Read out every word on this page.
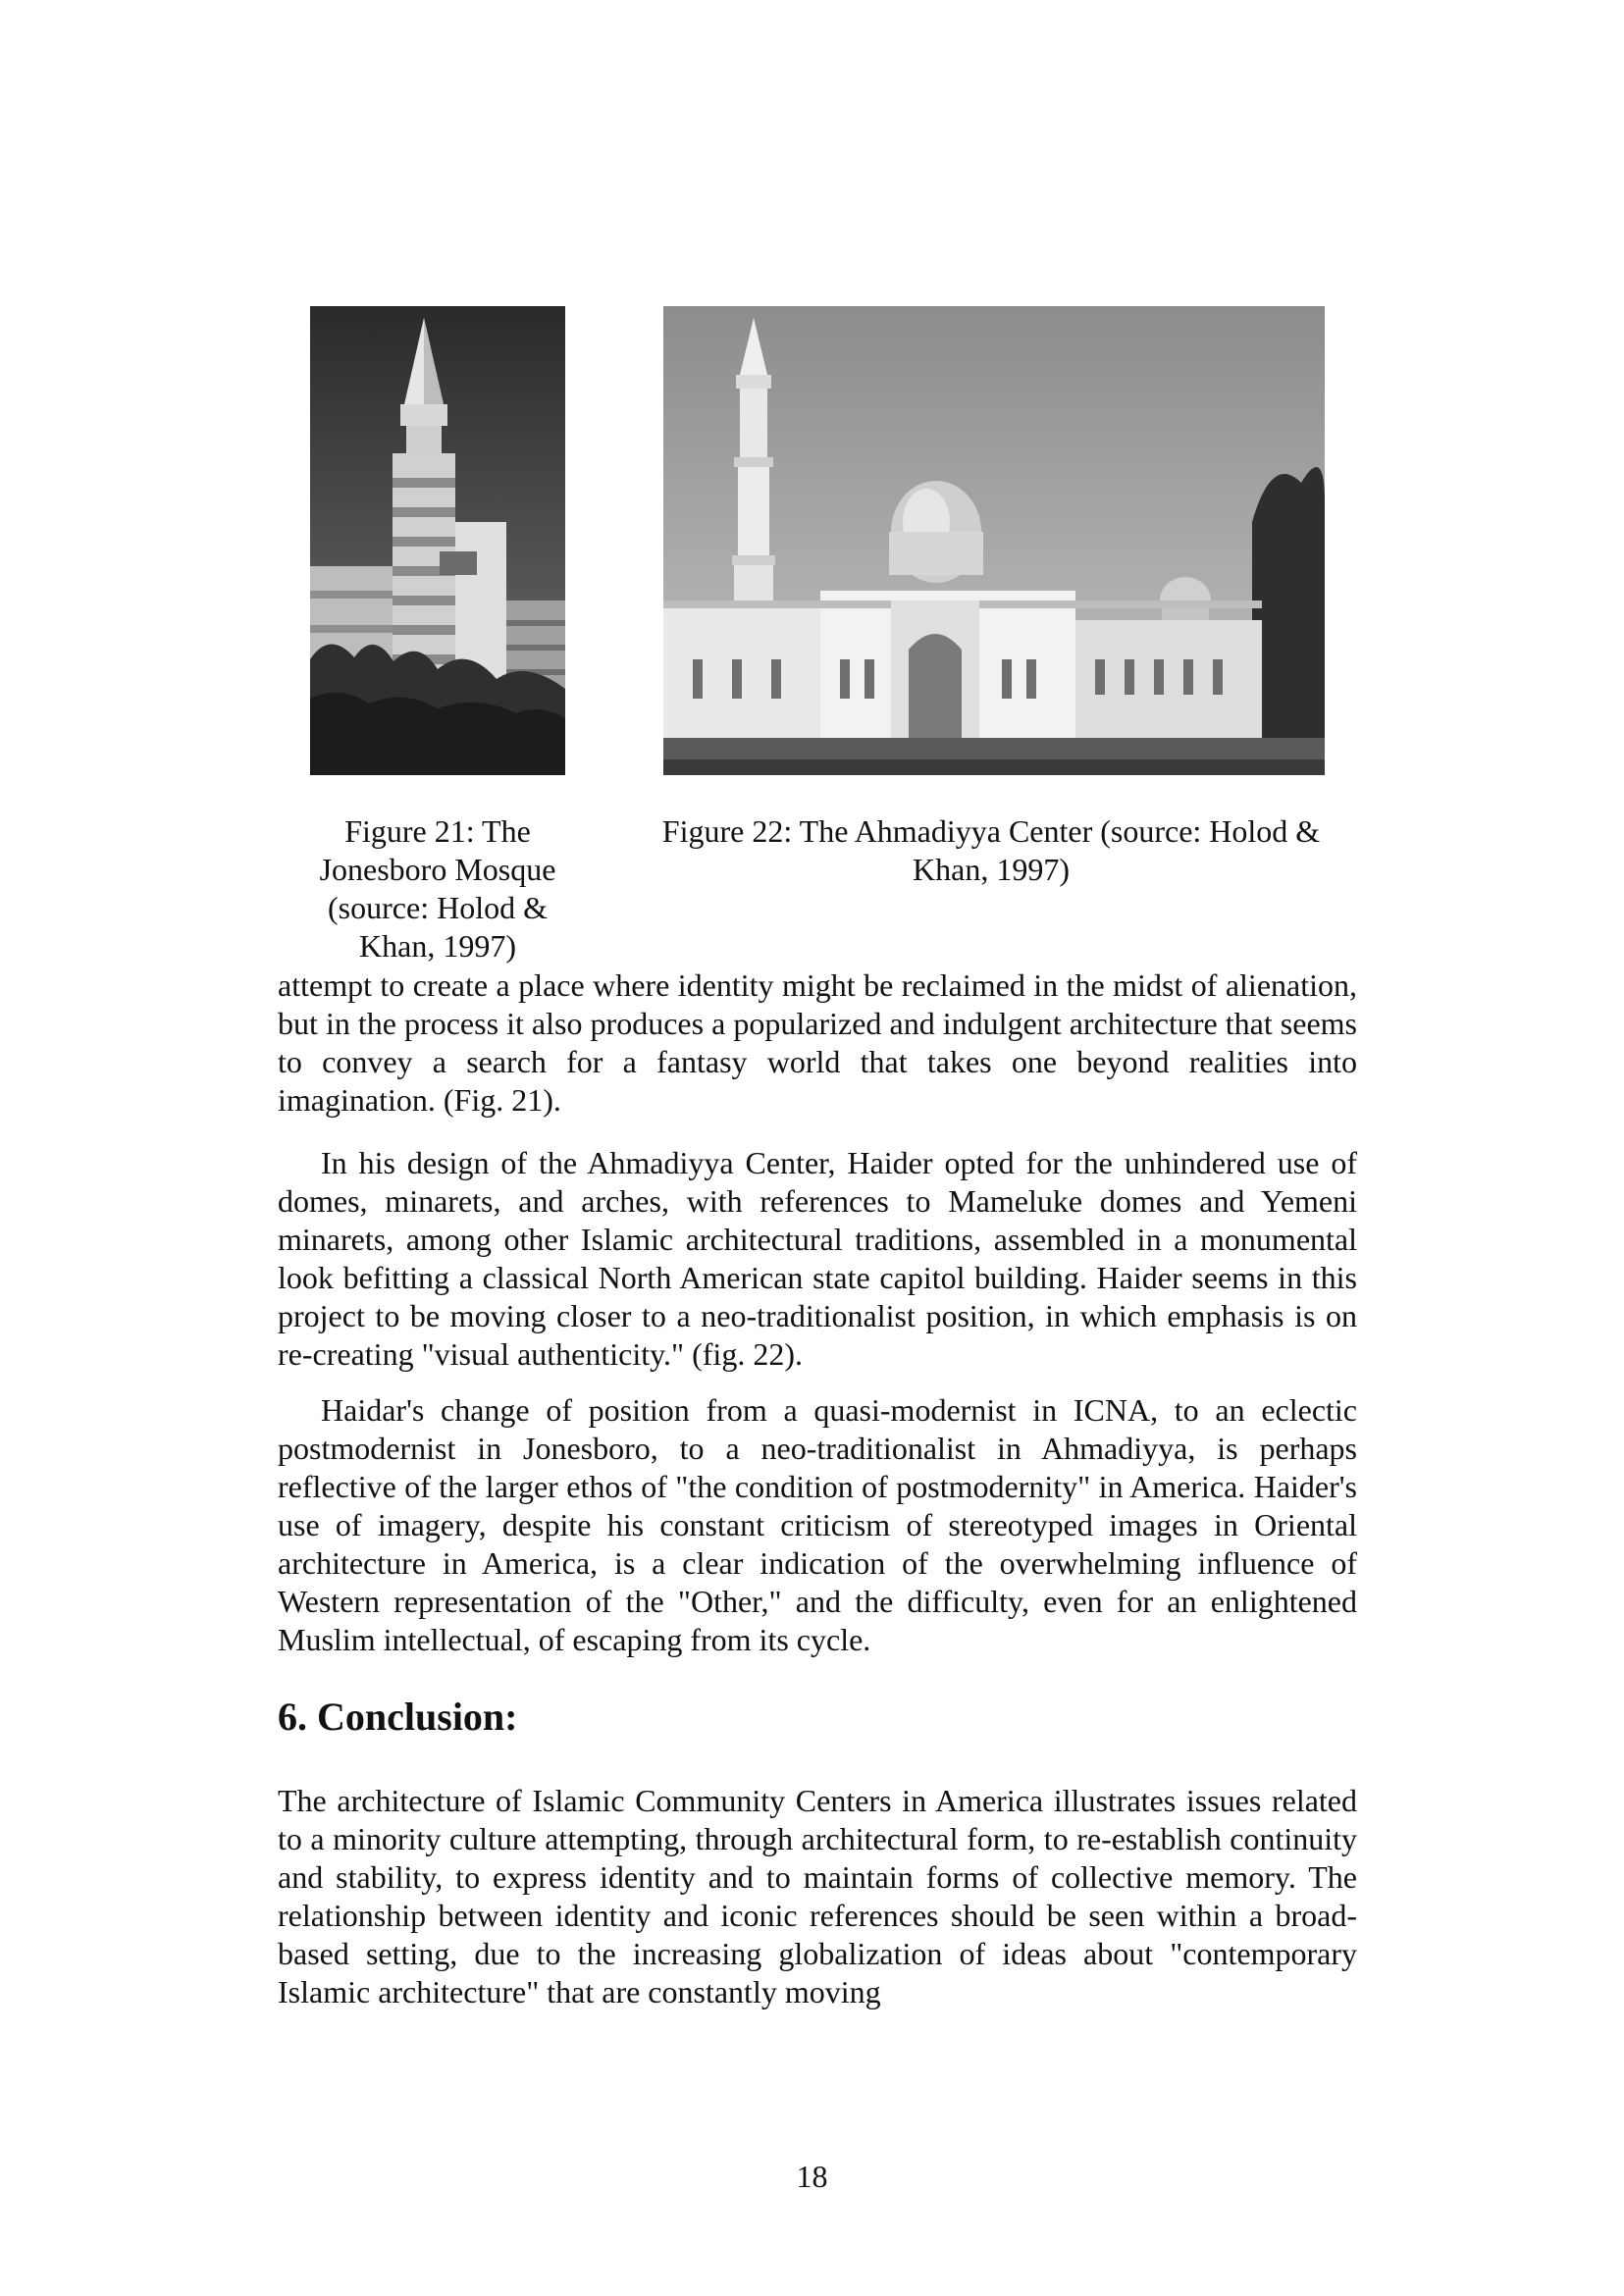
Figure 21: The Jonesboro Mosque (source: Holod & Khan, 1997)

Figure 22: The Ahmadiyya Center (source: Holod & Khan, 1997)

attempt to create a place where identity might be reclaimed in the midst of alienation, but in the process it also produces a popularized and indulgent architecture that seems to convey a search for a fantasy world that takes one beyond realities into imagination. (Fig. 21).

In his design of the Ahmadiyya Center, Haider opted for the unhindered use of domes, minarets, and arches, with references to Mameluke domes and Yemeni minarets, among other Islamic architectural traditions, assembled in a monumental look befitting a classical North American state capitol building. Haider seems in this project to be moving closer to a neo-traditionalist position, in which emphasis is on re-creating "visual authenticity." (fig. 22).

Haidar's change of position from a quasi-modernist in ICNA, to an eclectic postmodernist in Jonesboro, to a neo-traditionalist in Ahmadiyya, is perhaps reflective of the larger ethos of "the condition of postmodernity" in America. Haider's use of imagery, despite his constant criticism of stereotyped images in Oriental architecture in America, is a clear indication of the overwhelming influence of Western representation of the "Other," and the difficulty, even for an enlightened Muslim intellectual, of escaping from its cycle.

6. Conclusion:

The architecture of Islamic Community Centers in America illustrates issues related to a minority culture attempting, through architectural form, to re-establish continuity and stability, to express identity and to maintain forms of collective memory. The relationship between identity and iconic references should be seen within a broad-based setting, due to the increasing globalization of ideas about "contemporary Islamic architecture" that are constantly moving

18
